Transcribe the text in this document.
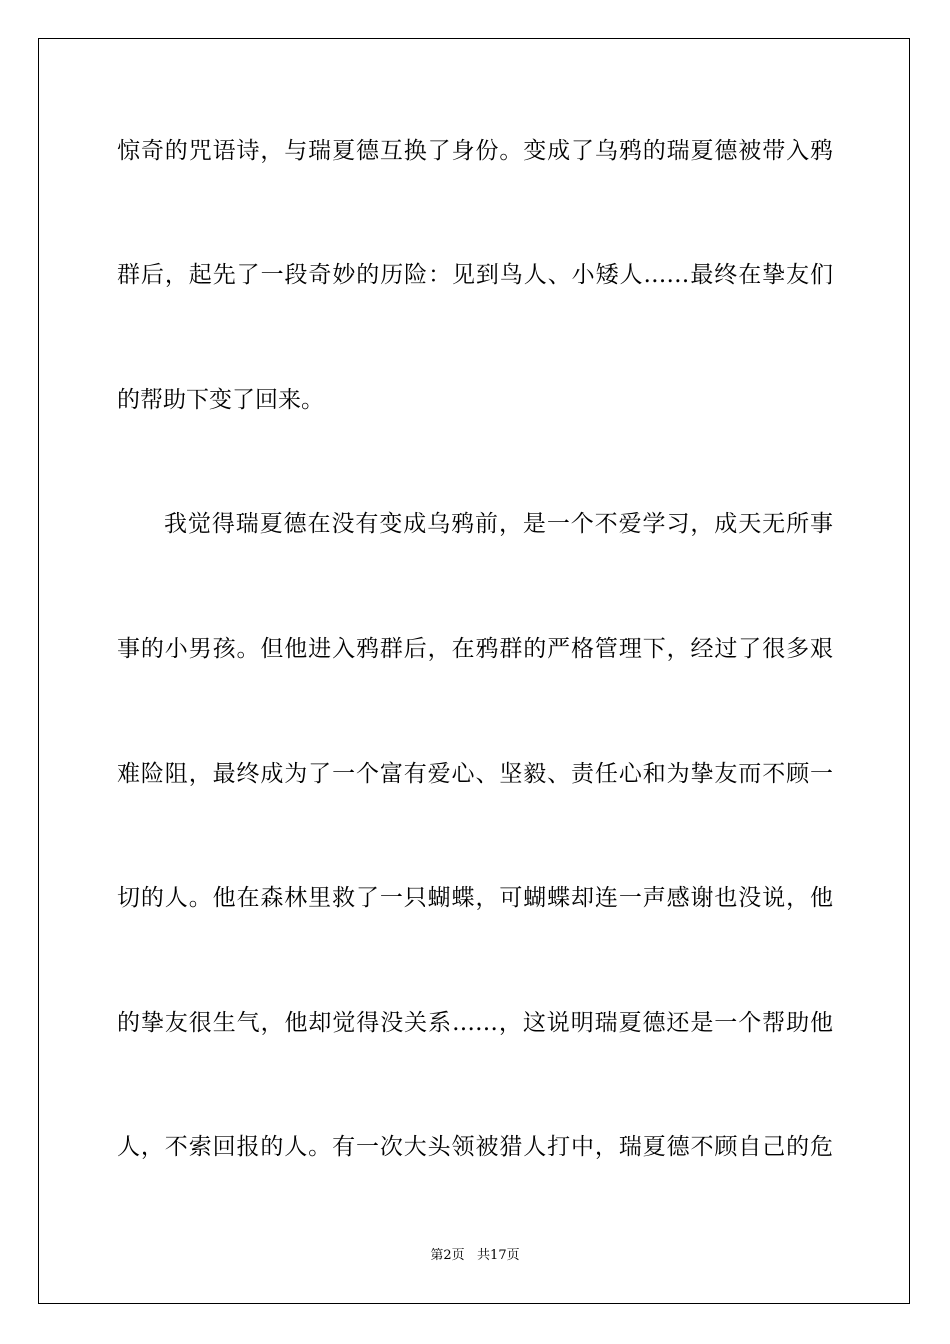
惊奇的咒语诗，与瑞夏德互换了身份。变成了乌鸦的瑞夏德被带入鸦
群后，起先了一段奇妙的历险：见到鸟人、小矮人……最终在挚友们
的帮助下变了回来。
我觉得瑞夏德在没有变成乌鸦前，是一个不爱学习，成天无所事
事的小男孩。但他进入鸦群后，在鸦群的严格管理下，经过了很多艰
难险阻，最终成为了一个富有爱心、坚毅、责任心和为挚友而不顾一
切的人。他在森林里救了一只蝴蝶，可蝴蝶却连一声感谢也没说，他
的挚友很生气，他却觉得没关系……，这说明瑞夏德还是一个帮助他
人，不索回报的人。有一次大头领被猎人打中，瑞夏德不顾自己的危
第2页   共17页
